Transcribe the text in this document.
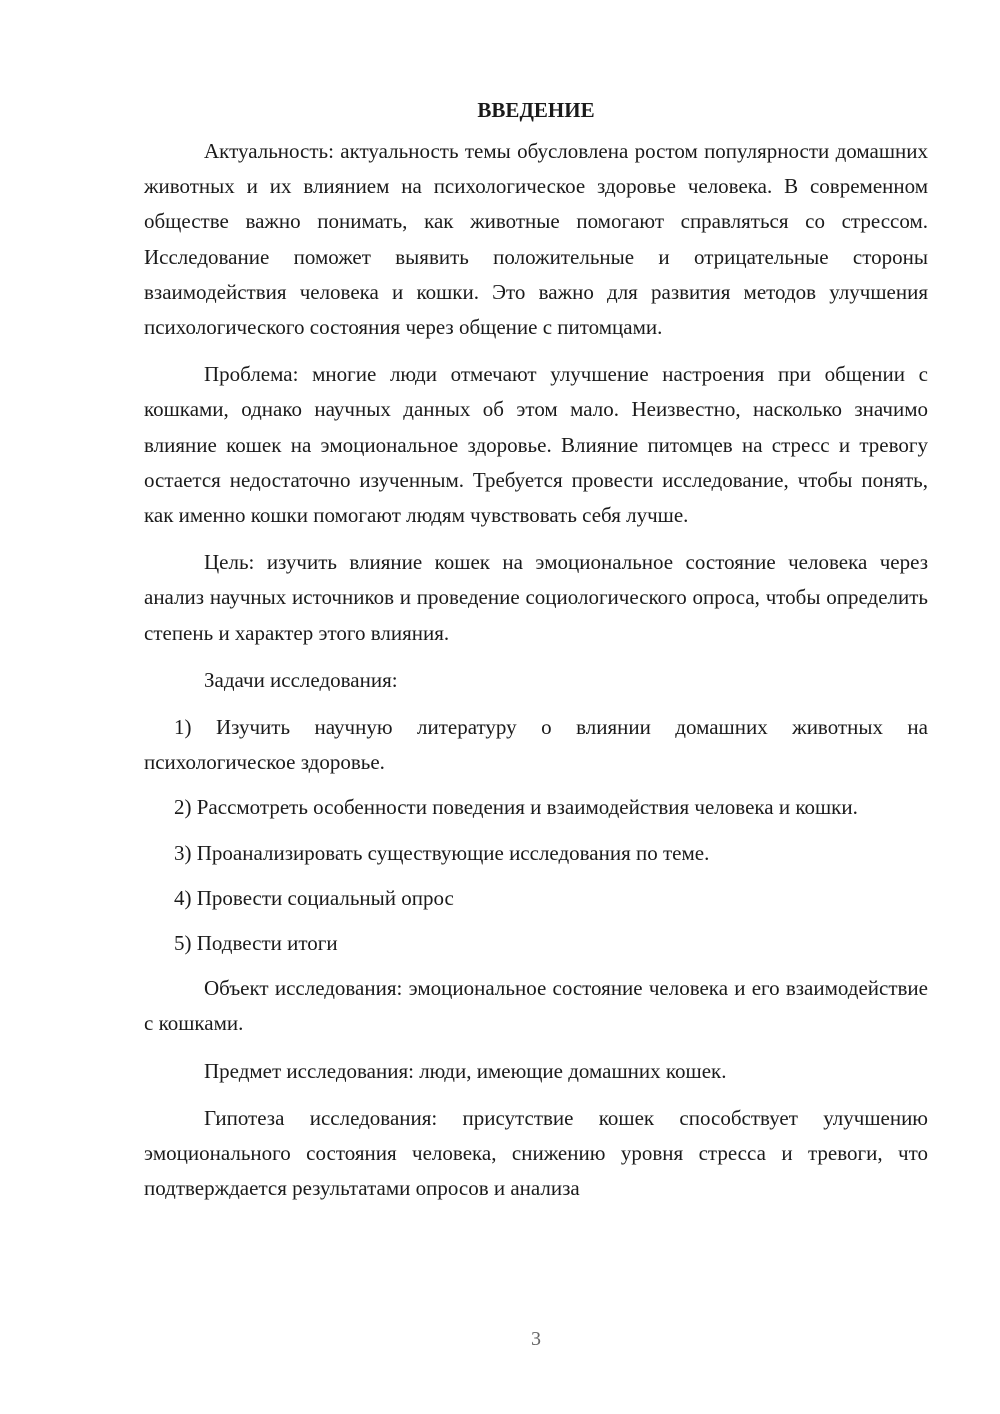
ВВЕДЕНИЕ

Актуальность: актуальность темы обусловлена ростом популярности домашних животных и их влиянием на психологическое здоровье человека. В современном обществе важно понимать, как животные помогают справляться со стрессом. Исследование поможет выявить положительные и отрицательные стороны взаимодействия человека и кошки. Это важно для развития методов улучшения психологического состояния через общение с питомцами.

Проблема: многие люди отмечают улучшение настроения при общении с кошками, однако научных данных об этом мало. Неизвестно, насколько значимо влияние кошек на эмоциональное здоровье. Влияние питомцев на стресс и тревогу остается недостаточно изученным. Требуется провести исследование, чтобы понять, как именно кошки помогают людям чувствовать себя лучше.

Цель: изучить влияние кошек на эмоциональное состояние человека через анализ научных источников и проведение социологического опроса, чтобы определить степень и характер этого влияния.

Задачи исследования:

1) Изучить научную литературу о влиянии домашних животных на психологическое здоровье.

2) Рассмотреть особенности поведения и взаимодействия человека и кошки.

3) Проанализировать существующие исследования по теме.

4) Провести социальный опрос

5) Подвести итоги

Объект исследования: эмоциональное состояние человека и его взаимодействие с кошками.

Предмет исследования: люди, имеющие домашних кошек.

Гипотеза исследования: присутствие кошек способствует улучшению эмоционального состояния человека, снижению уровня стресса и тревоги, что подтверждается результатами опросов и анализа

3
